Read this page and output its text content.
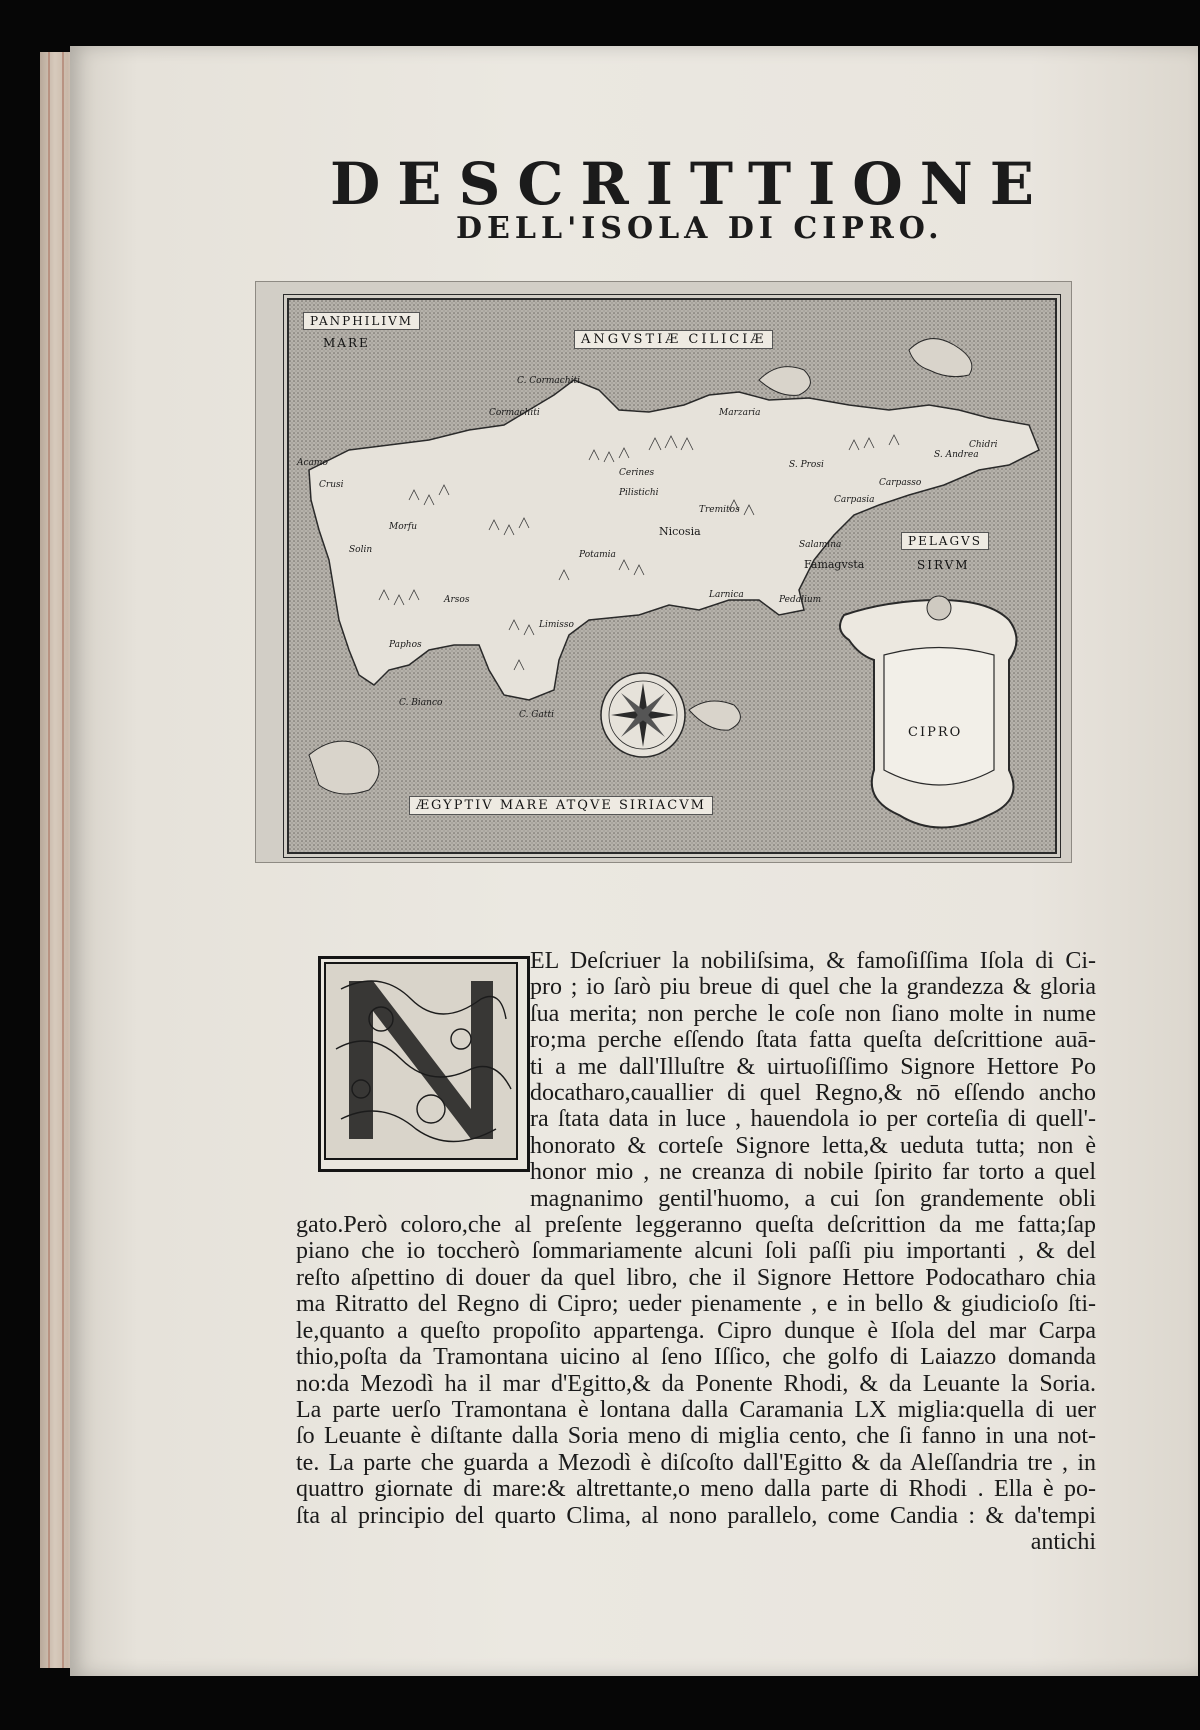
DESCRITTIONE
DELL'ISOLA DI CIPRO.
PANPHILIVM
MARE	ANGVSTIÆ CILICIÆ
PELAGVS
SIRVM
ÆGYPTIV MARE ATQVE SIRIACVM
C. Cormachiti
Cormachiti	Marzaria
Acamo
Cerines
Pilistichi
S. Prosi
Nicosia
Famagvsta
Salamina
Paphos
Arsos
C. Bianco
C. Gatti
Limisso
Larnica
S. Andrea
Carpasso
Chidri
Crusi
Solin
Morfu
Potamia
Tremitos
Carpasia
Pedalium
CIPRO
EL Deſcriuer la nobiliſsima, & famoſiſſima Iſola di Ci-
pro ; io ſarò piu breue di quel che la grandezza & gloria
ſua merita; non perche le coſe non ſiano molte in nume
ro;ma perche eſſendo ſtata fatta queſta deſcrittione auā-
ti a me dall'Illuſtre & uirtuoſiſſimo Signore Hettore Po
docatharo,cauallier di quel Regno,& nō eſſendo ancho
ra ſtata data in luce , hauendola io per corteſia di quell'-
honorato & corteſe Signore letta,& ueduta tutta; non è
honor mio , ne creanza di nobile ſpirito far torto a quel
magnanimo gentil'huomo, a cui ſon grandemente obli
gato.Però coloro,che al preſente leggeranno queſta deſcrittion da me fatta;ſap
piano che io toccherò ſommariamente alcuni ſoli paſſi piu importanti , & del
reſto aſpettino di douer da quel libro, che il Signore Hettore Podocatharo chia
ma Ritratto del Regno di Cipro; ueder pienamente , e in bello & giudicioſo ſti-
le,quanto a queſto propoſito appartenga. Cipro dunque è Iſola del mar Carpa
thio,poſta da Tramontana uicino al ſeno Iſſico, che golfo di Laiazzo domanda
no:da Mezodì ha il mar d'Egitto,& da Ponente Rhodi, & da Leuante la Soria.
La parte uerſo Tramontana è lontana dalla Caramania LX miglia:quella di uer
ſo Leuante è diſtante dalla Soria meno di miglia cento, che ſi fanno in una not-
te. La parte che guarda a Mezodì è diſcoſto dall'Egitto & da Aleſſandria tre , in
quattro giornate di mare:& altrettante,o meno dalla parte di Rhodi . Ella è po-
ſta al principio del quarto Clima, al nono parallelo, come Candia : & da'tempi
antichi
